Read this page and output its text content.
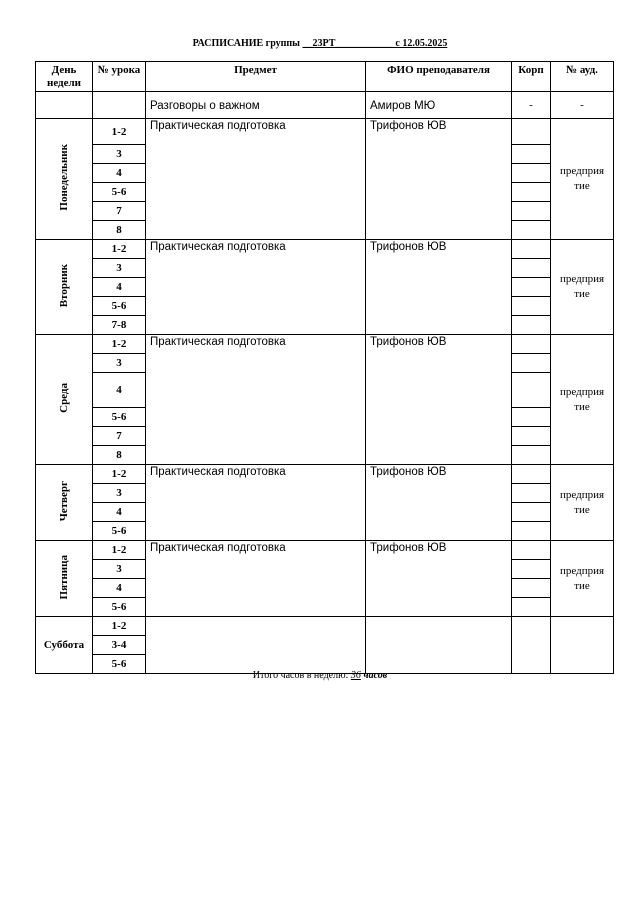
РАСПИСАНИЕ группы __23РТ____________с 12.05.2025
День недели	№ урока	Предмет	ФИО преподавателя	Корп	№ ауд.
		Разговоры о важном	Амиров МЮ	-	-
Понедельник	1-2	Практическая подготовка	Трифонов ЮВ		предприя тие
	3				
	4				
	5-6				
	7				
	8				
Вторник	1-2	Практическая подготовка	Трифонов ЮВ		предприя тие
	3				
	4				
	5-6				
	7-8				
Среда	1-2	Практическая подготовка	Трифонов ЮВ		предприя тие
	3				
	4				
	5-6				
	7				
	8				
Четверг	1-2	Практическая подготовка	Трифонов ЮВ		предприя тие
	3				
	4				
	5-6				
Пятница	1-2	Практическая подготовка	Трифонов ЮВ		предприя тие
	3				
	4				
	5-6				
Суббота	1-2				
	3-4				
	5-6				
Итого часов в неделю: 36 часов
